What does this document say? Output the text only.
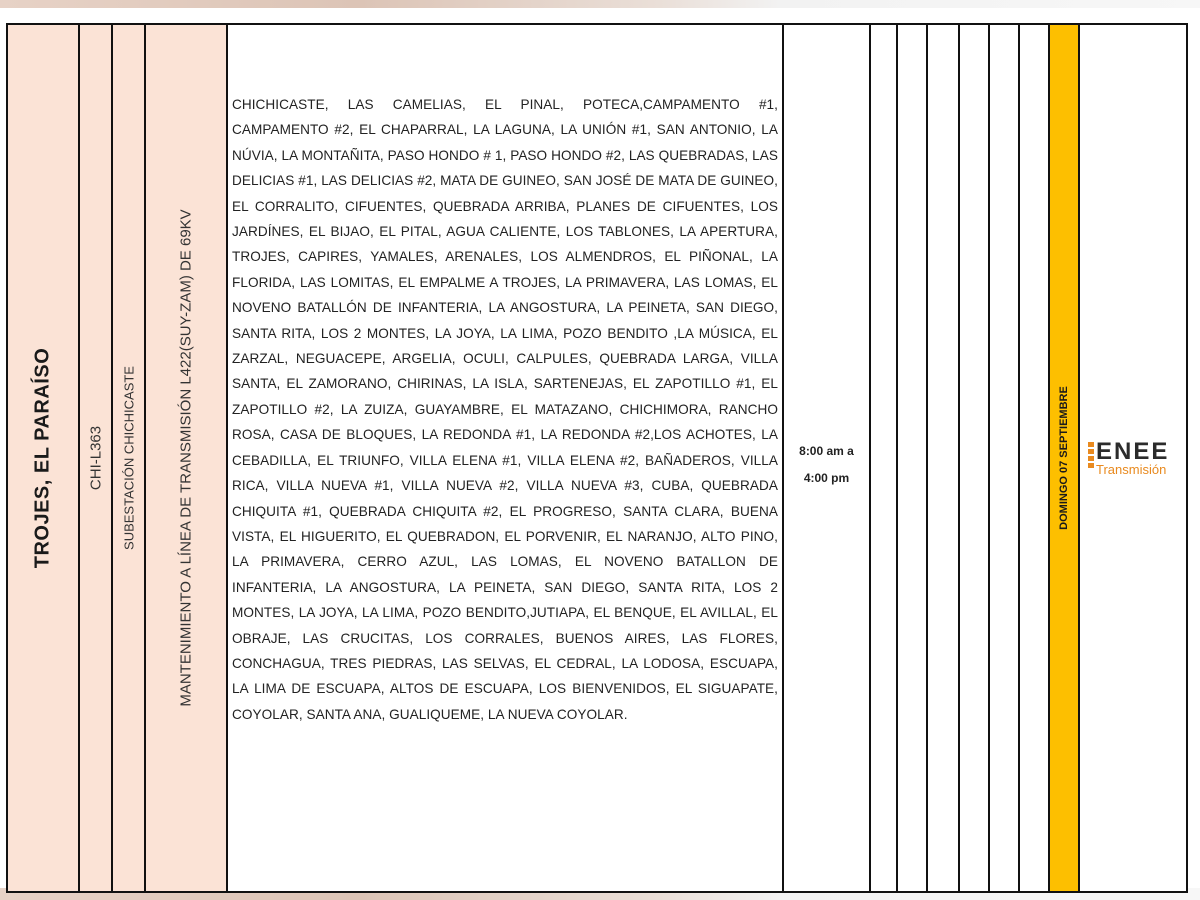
TROJES, EL PARAÍSO CHI-L363 SUBESTACIÓN CHICHICASTE	MANTENIMIENTO A LÍNEA DE TRANSMISIÓN L422(SUY-ZAM) DE 69KV
CHICHICASTE, LAS CAMELIAS, EL PINAL, POTECA,CAMPAMENTO #1, CAMPAMENTO #2, EL CHAPARRAL, LA LAGUNA, LA UNIÓN #1, SAN ANTONIO, LA NÚVIA, LA MONTAÑITA, PASO HONDO # 1, PASO HONDO #2, LAS QUEBRADAS, LAS DELICIAS #1, LAS DELICIAS #2, MATA DE GUINEO, SAN JOSÉ DE MATA DE GUINEO, EL CORRALITO, CIFUENTES, QUEBRADA ARRIBA, PLANES DE CIFUENTES, LOS JARDÍNES, EL BIJAO, EL PITAL, AGUA CALIENTE, LOS TABLONES, LA APERTURA, TROJES, CAPIRES, YAMALES, ARENALES, LOS ALMENDROS, EL PIÑONAL, LA FLORIDA, LAS LOMITAS, EL EMPALME A TROJES, LA PRIMAVERA, LAS LOMAS, EL NOVENO BATALLÓN DE INFANTERIA, LA ANGOSTURA, LA PEINETA, SAN DIEGO, SANTA RITA, LOS 2 MONTES, LA JOYA, LA LIMA, POZO BENDITO ,LA MÚSICA, EL ZARZAL, NEGUACEPE, ARGELIA, OCULI, CALPULES, QUEBRADA LARGA, VILLA SANTA, EL ZAMORANO, CHIRINAS, LA ISLA, SARTENEJAS, EL ZAPOTILLO #1, EL ZAPOTILLO #2, LA ZUIZA, GUAYAMBRE, EL MATAZANO, CHICHIMORA, RANCHO ROSA, CASA DE BLOQUES, LA REDONDA #1, LA REDONDA #2,LOS ACHOTES, LA CEBADILLA, EL TRIUNFO, VILLA ELENA #1, VILLA ELENA #2, BAÑADEROS, VILLA RICA, VILLA NUEVA #1, VILLA NUEVA #2, VILLA NUEVA #3, CUBA, QUEBRADA CHIQUITA #1, QUEBRADA CHIQUITA #2, EL PROGRESO, SANTA CLARA, BUENA VISTA, EL HIGUERITO, EL QUEBRADON, EL PORVENIR, EL NARANJO, ALTO PINO, LA PRIMAVERA, CERRO AZUL, LAS LOMAS, EL NOVENO BATALLON DE INFANTERIA, LA ANGOSTURA, LA PEINETA, SAN DIEGO, SANTA RITA, LOS 2 MONTES, LA JOYA, LA LIMA, POZO BENDITO,JUTIAPA, EL BENQUE, EL AVILLAL, EL OBRAJE, LAS CRUCITAS, LOS CORRALES, BUENOS AIRES, LAS FLORES, CONCHAGUA, TRES PIEDRAS, LAS SELVAS, EL CEDRAL, LA LODOSA, ESCUAPA, LA LIMA DE ESCUAPA, ALTOS DE ESCUAPA, LOS BIENVENIDOS, EL SIGUAPATE, COYOLAR, SANTA ANA, GUALIQUEME, LA NUEVA COYOLAR.
8:00 am a
4:00 pm	DOMINGO 07 SEPTIEMBRE ENEE
Transmisión
